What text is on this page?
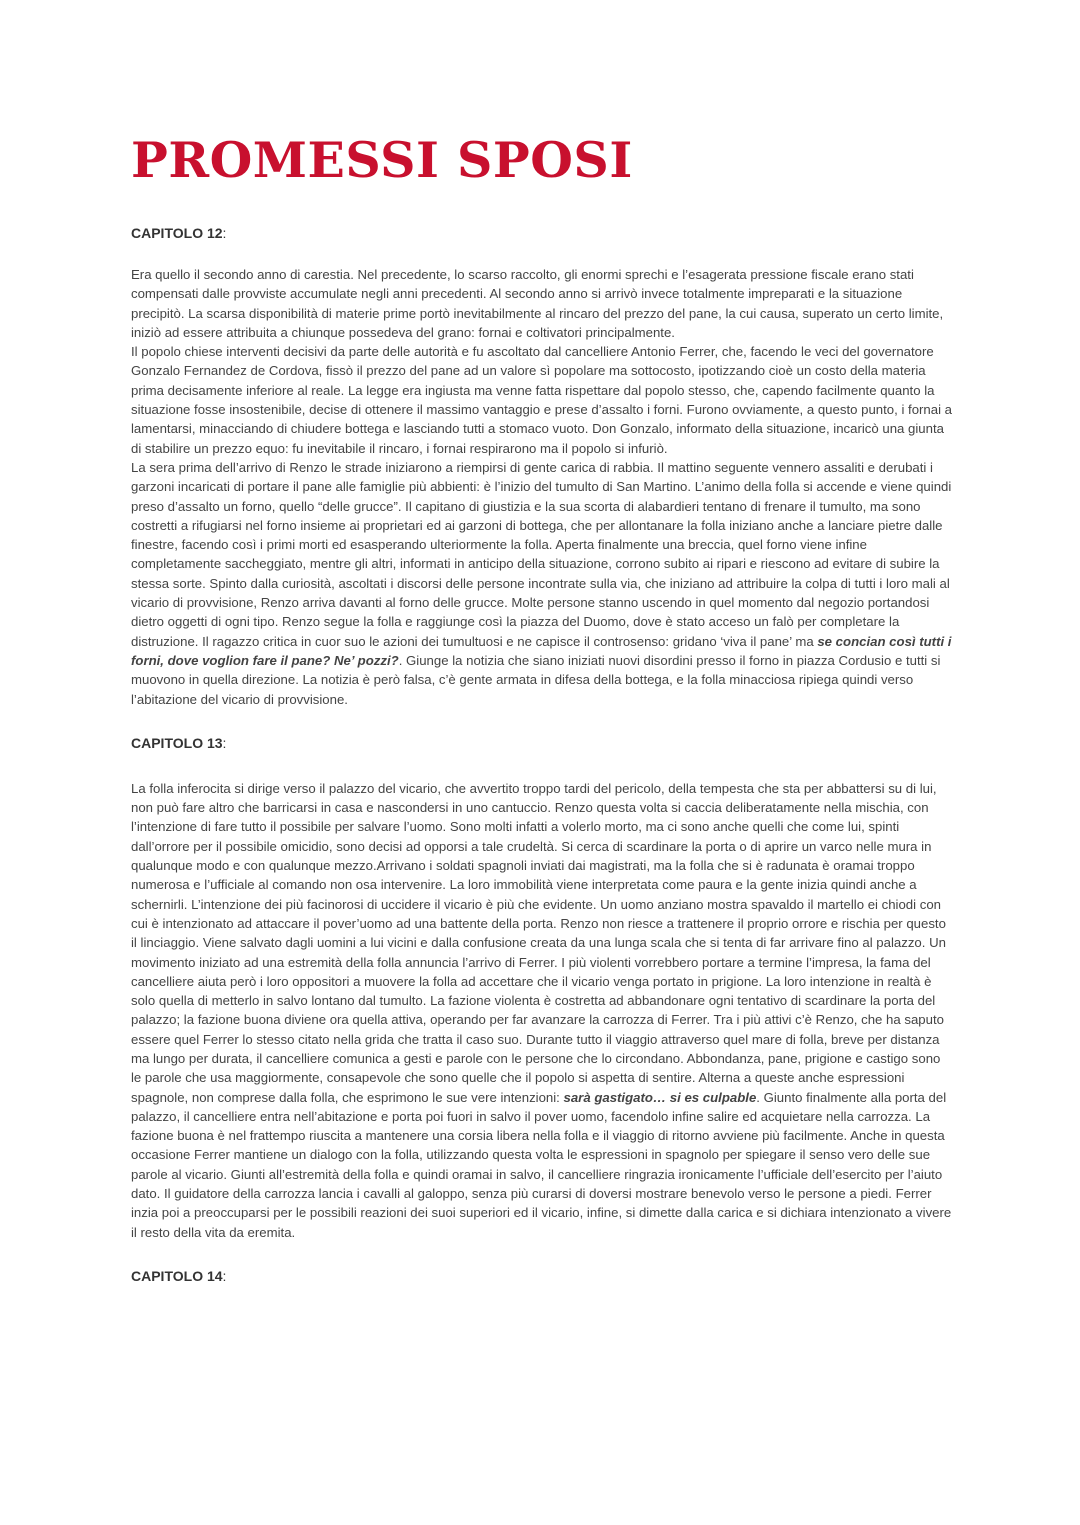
PROMESSI SPOSI

CAPITOLO 12:

Era quello il secondo anno di carestia. Nel precedente, lo scarso raccolto, gli enormi sprechi e l’esagerata pressione fiscale erano stati compensati dalle provviste accumulate negli anni precedenti. Al secondo anno si arrivò invece totalmente impreparati e la situazione precipitò. La scarsa disponibilità di materie prime portò inevitabilmente al rincaro del prezzo del pane, la cui causa, superato un certo limite, iniziò ad essere attribuita a chiunque possedeva del grano: fornai e coltivatori principalmente.

Il popolo chiese interventi decisivi da parte delle autorità e fu ascoltato dal cancelliere Antonio Ferrer, che, facendo le veci del governatore Gonzalo Fernandez de Cordova, fissò il prezzo del pane ad un valore sì popolare ma sottocosto, ipotizzando cioè un costo della materia prima decisamente inferiore al reale. La legge era ingiusta ma venne fatta rispettare dal popolo stesso, che, capendo facilmente quanto la situazione fosse insostenibile, decise di ottenere il massimo vantaggio e prese d’assalto i forni. Furono ovviamente, a questo punto, i fornai a lamentarsi, minacciando di chiudere bottega e lasciando tutti a stomaco vuoto. Don Gonzalo, informato della situazione, incaricò una giunta di stabilire un prezzo equo: fu inevitabile il rincaro, i fornai respirarono ma il popolo si infuriò.

La sera prima dell’arrivo di Renzo le strade iniziarono a riempirsi di gente carica di rabbia. Il mattino seguente vennero assaliti e derubati i garzoni incaricati di portare il pane alle famiglie più abbienti: è l’inizio del tumulto di San Martino. L’animo della folla si accende e viene quindi preso d’assalto un forno, quello “delle grucce”. Il capitano di giustizia e la sua scorta di alabardieri tentano di frenare il tumulto, ma sono costretti a rifugiarsi nel forno insieme ai proprietari ed ai garzoni di bottega, che per allontanare la folla iniziano anche a lanciare pietre dalle finestre, facendo così i primi morti ed esasperando ulteriormente la folla. Aperta finalmente una breccia, quel forno viene infine completamente saccheggiato, mentre gli altri, informati in anticipo della situazione, corrono subito ai ripari e riescono ad evitare di subire la stessa sorte. Spinto dalla curiosità, ascoltati i discorsi delle persone incontrate sulla via, che iniziano ad attribuire la colpa di tutti i loro mali al vicario di provvisione, Renzo arriva davanti al forno delle grucce. Molte persone stanno uscendo in quel momento dal negozio portandosi dietro oggetti di ogni tipo. Renzo segue la folla e raggiunge così la piazza del Duomo, dove è stato acceso un falò per completare la distruzione. Il ragazzo critica in cuor suo le azioni dei tumultuosi e ne capisce il controsenso: gridano ‘viva il pane’ ma se concian così tutti i forni, dove voglion fare il pane? Ne’ pozzi?. Giunge la notizia che siano iniziati nuovi disordini presso il forno in piazza Cordusio e tutti si muovono in quella direzione. La notizia è però falsa, c’è gente armata in difesa della bottega, e la folla minacciosa ripiega quindi verso l’abitazione del vicario di provvisione.

CAPITOLO 13:

La folla inferocita si dirige verso il palazzo del vicario, che avvertito troppo tardi del pericolo, della tempesta che sta per abbattersi su di lui, non può fare altro che barricarsi in casa e nascondersi in uno cantuccio. Renzo questa volta si caccia deliberatamente nella mischia, con l’intenzione di fare tutto il possibile per salvare l’uomo. Sono molti infatti a volerlo morto, ma ci sono anche quelli che come lui, spinti dall’orrore per il possibile omicidio, sono decisi ad opporsi a tale crudeltà. Si cerca di scardinare la porta o di aprire un varco nelle mura in qualunque modo e con qualunque mezzo.Arrivano i soldati spagnoli inviati dai magistrati, ma la folla che si è radunata è oramai troppo numerosa e l’ufficiale al comando non osa intervenire. La loro immobilità viene interpretata come paura e la gente inizia quindi anche a schernirli. L’intenzione dei più facinorosi di uccidere il vicario è più che evidente. Un uomo anziano mostra spavaldo il martello ei chiodi con cui è intenzionato ad attaccare il pover’uomo ad una battente della porta. Renzo non riesce a trattenere il proprio orrore e rischia per questo il linciaggio. Viene salvato dagli uomini a lui vicini e dalla confusione creata da una lunga scala che si tenta di far arrivare fino al palazzo. Un movimento iniziato ad una estremità della folla annuncia l’arrivo di Ferrer. I più violenti vorrebbero portare a termine l’impresa, la fama del cancelliere aiuta però i loro oppositori a muovere la folla ad accettare che il vicario venga portato in prigione. La loro intenzione in realtà è solo quella di metterlo in salvo lontano dal tumulto. La fazione violenta è costretta ad abbandonare ogni tentativo di scardinare la porta del palazzo; la fazione buona diviene ora quella attiva, operando per far avanzare la carrozza di Ferrer. Tra i più attivi c’è Renzo, che ha saputo essere quel Ferrer lo stesso citato nella grida che tratta il caso suo. Durante tutto il viaggio attraverso quel mare di folla, breve per distanza ma lungo per durata, il cancelliere comunica a gesti e parole con le persone che lo circondano. Abbondanza, pane, prigione e castigo sono le parole che usa maggiormente, consapevole che sono quelle che il popolo si aspetta di sentire. Alterna a queste anche espressioni spagnole, non comprese dalla folla, che esprimono le sue vere intenzioni: sarà gastigato… si es culpable. Giunto finalmente alla porta del palazzo, il cancelliere entra nell’abitazione e porta poi fuori in salvo il pover uomo, facendolo infine salire ed acquietare nella carrozza. La fazione buona è nel frattempo riuscita a mantenere una corsia libera nella folla e il viaggio di ritorno avviene più facilmente. Anche in questa occasione Ferrer mantiene un dialogo con la folla, utilizzando questa volta le espressioni in spagnolo per spiegare il senso vero delle sue parole al vicario. Giunti all’estremità della folla e quindi oramai in salvo, il cancelliere ringrazia ironicamente l’ufficiale dell’esercito per l’aiuto dato. Il guidatore della carrozza lancia i cavalli al galoppo, senza più curarsi di doversi mostrare benevolo verso le persone a piedi. Ferrer inzia poi a preoccuparsi per le possibili reazioni dei suoi superiori ed il vicario, infine, si dimette dalla carica e si dichiara intenzionato a vivere il resto della vita da eremita.

CAPITOLO 14:
